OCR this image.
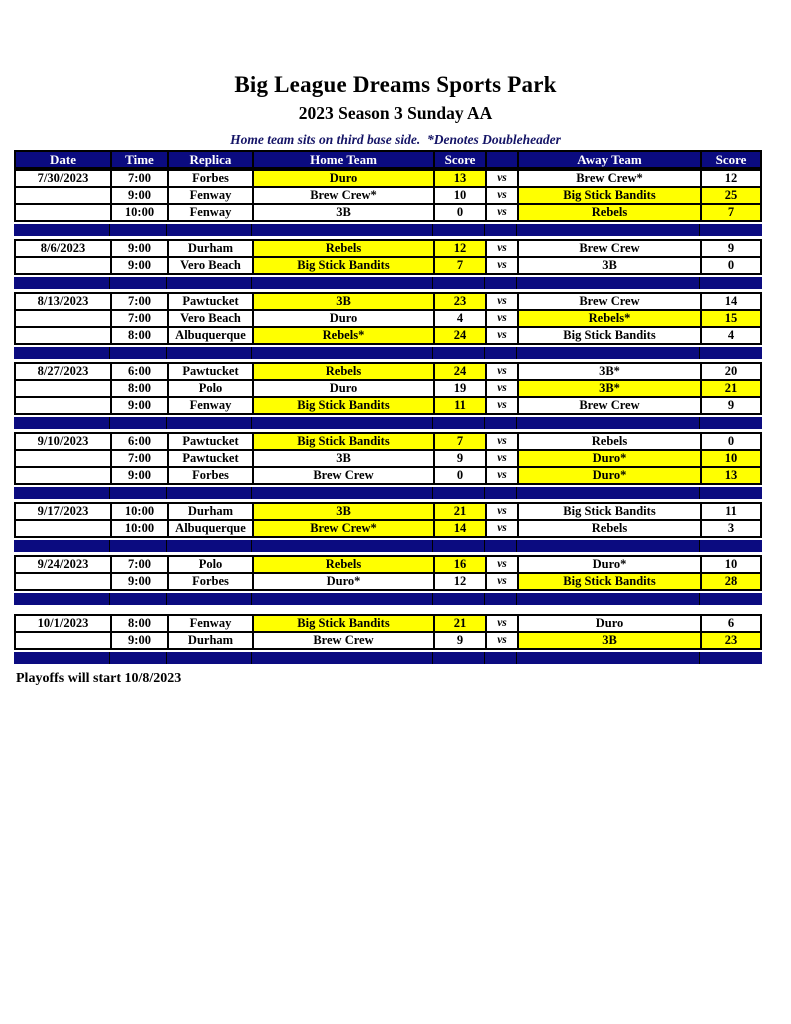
Big League Dreams Sports Park
2023 Season 3 Sunday AA
Home team sits on third base side.  *Denotes Doubleheader
Date	Time	Replica	Home Team	Score	Away Team	Score
7/30/2023	7:00	Forbes	Duro	13	vs	Brew Crew*	12
9:00	Fenway	Brew Crew*	10	vs	Big Stick Bandits	25
10:00	Fenway	3B	0	vs	Rebels	7
8/6/2023	9:00	Durham	Rebels	12	vs	Brew Crew	9
9:00	Vero Beach	Big Stick Bandits	7	vs	3B	0
8/13/2023	7:00	Pawtucket	3B	23	vs	Brew Crew	14
7:00	Vero Beach	Duro	4	vs	Rebels*	15
8:00	Albuquerque	Rebels*	24	vs	Big Stick Bandits	4
8/27/2023	6:00	Pawtucket	Rebels	24	vs	3B*	20
8:00	Polo	Duro	19	vs	3B*	21
9:00	Fenway	Big Stick Bandits	11	vs	Brew Crew	9
9/10/2023	6:00	Pawtucket	Big Stick Bandits	7	vs	Rebels	0
7:00	Pawtucket	3B	9	vs	Duro*	10
9:00	Forbes	Brew Crew	0	vs	Duro*	13
9/17/2023	10:00	Durham	3B	21	vs	Big Stick Bandits	11
10:00	Albuquerque	Brew Crew*	14	vs	Rebels	3
9/24/2023	7:00	Polo	Rebels	16	vs	Duro*	10
9:00	Forbes	Duro*	12	vs	Big Stick Bandits	28
10/1/2023	8:00	Fenway	Big Stick Bandits	21	vs	Duro	6
9:00	Durham	Brew Crew	9	vs	3B	23
Playoffs will start 10/8/2023
